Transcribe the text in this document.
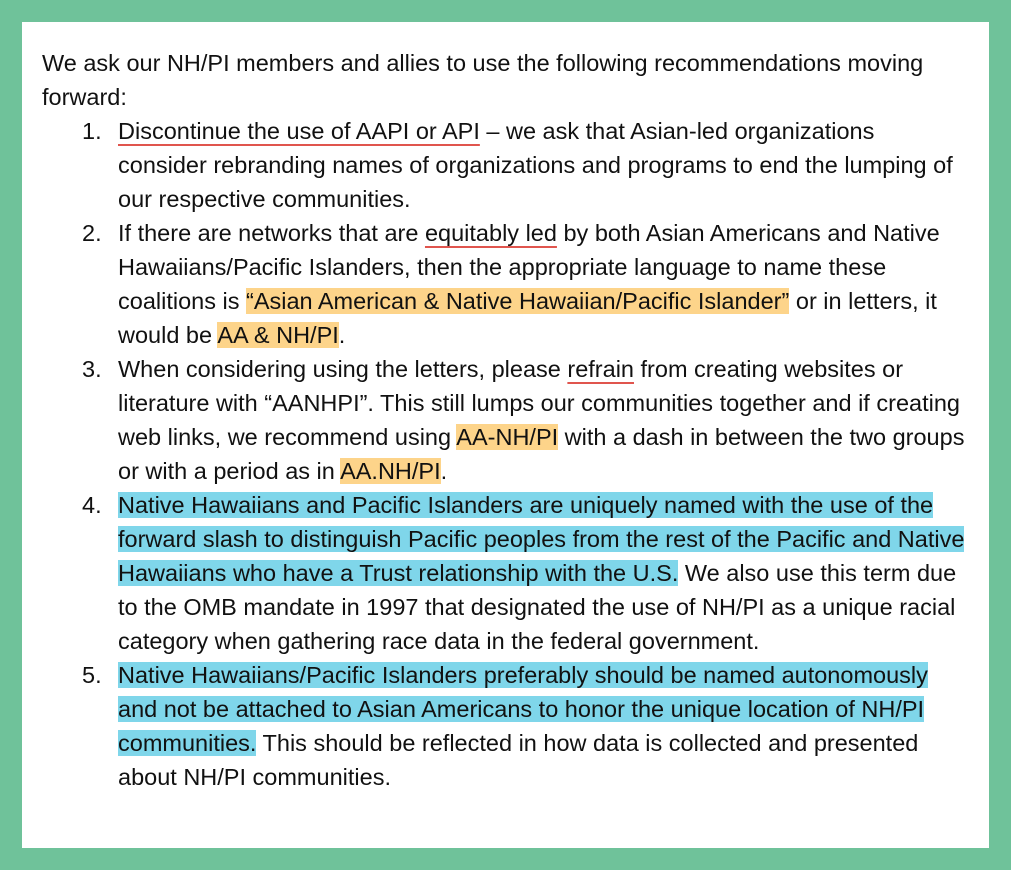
We ask our NH/PI members and allies to use the following recommendations moving forward:

1. Discontinue the use of AAPI or API – we ask that Asian-led organizations consider rebranding names of organizations and programs to end the lumping of our respective communities.
2. If there are networks that are equitably led by both Asian Americans and Native Hawaiians/Pacific Islanders, then the appropriate language to name these coalitions is “Asian American & Native Hawaiian/Pacific Islander” or in letters, it would be AA & NH/PI.
3. When considering using the letters, please refrain from creating websites or literature with “AANHPI”. This still lumps our communities together and if creating web links, we recommend using AA-NH/PI with a dash in between the two groups or with a period as in AA.NH/PI.
4. Native Hawaiians and Pacific Islanders are uniquely named with the use of the forward slash to distinguish Pacific peoples from the rest of the Pacific and Native Hawaiians who have a Trust relationship with the U.S. We also use this term due to the OMB mandate in 1997 that designated the use of NH/PI as a unique racial category when gathering race data in the federal government.
5. Native Hawaiians/Pacific Islanders preferably should be named autonomously and not be attached to Asian Americans to honor the unique location of NH/PI communities. This should be reflected in how data is collected and presented about NH/PI communities.
